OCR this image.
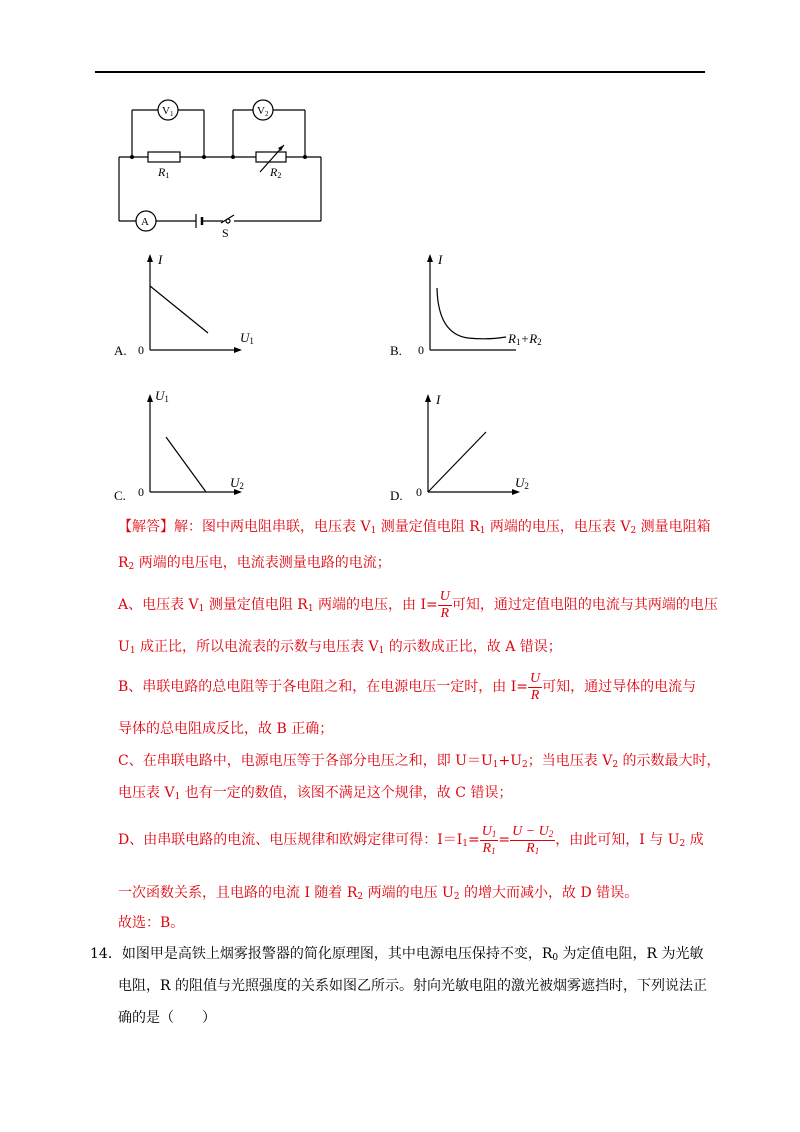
V1	V2
R1	R2
A
S
A.
I
U1
0	B.
I
R1+R2
0
C.
U1
U2
0	D.
I
U2
0
【解答】解：图中两电阻串联，电压表 $V_1$ 测量定值电阻 $R_1$ 两端的电压，电压表 $V_2$ 测量电阻箱
$R_2$ 两端的电压电，电流表测量电路的电流；
A、电压表 $V_1$ 测量定值电阻 $R_1$ 两端的电压，由 $I= \frac{U}{R}$ 可知，通过定值电阻的电流与其两端的电压
$U_1$ 成正比，所以电流表的示数与电压表 $V_1$ 的示数成正比，故 A 错误；
B、串联电路的总电阻等于各电阻之和，在电源电压一定时，由 $I= \frac{U}{R}$ 可知，通过导体的电流与
导体的总电阻成反比，故 B 正确；
C、在串联电路中，电源电压等于各部分电压之和，即 $U=U_1+U_2$；当电压表 $V_2$ 的示数最大时，
电压表 $V_1$ 也有一定的数值，该图不满足这个规律，故 C 错误；
D、由串联电路的电流、电压规律和欧姆定律可得：$I=I_1= \frac{U_1}{R_1} = \frac{U - U_2}{R_1}$ ，由此可知，I 与 $U_2$ 成
一次函数关系，且电路的电流 I 随着 $R_2$ 两端的电压 $U_2$ 的增大而减小，故 D 错误。
故选：B。
14．如图甲是高铁上烟雾报警器的简化原理图，其中电源电压保持不变，$R_0$ 为定值电阻，R 为光敏
电阻，R 的阻值与光照强度的关系如图乙所示。射向光敏电阻的激光被烟雾遮挡时，下列说法正
确的是（　　）
